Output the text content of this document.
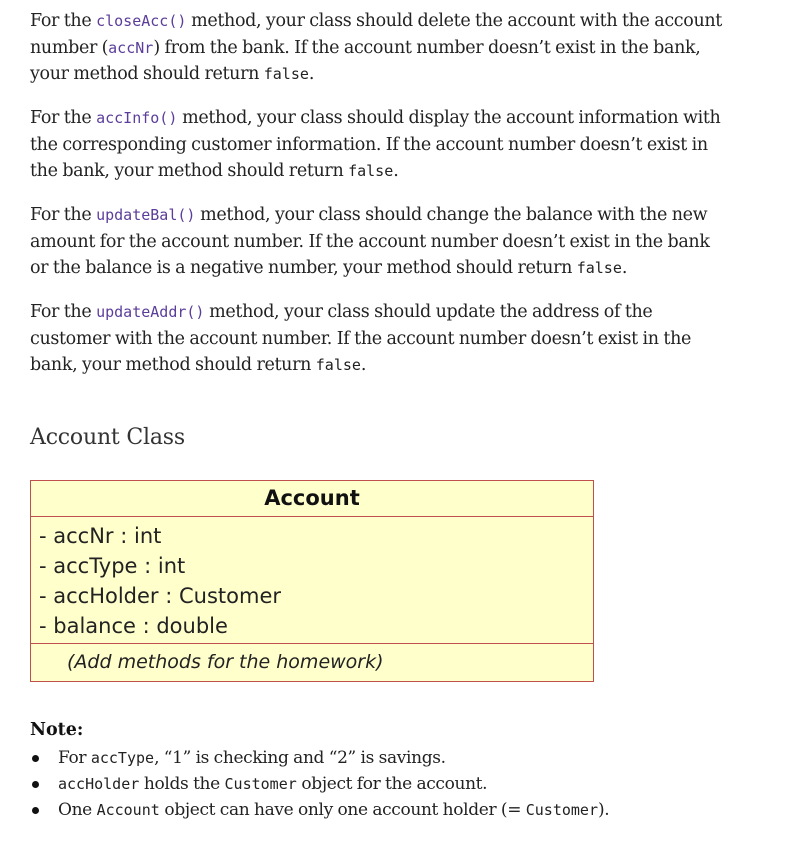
For the closeAcc() method, your class should delete the account with the account number (accNr) from the bank. If the account number doesn’t exist in the bank, your method should return false.

For the accInfo() method, your class should display the account information with the corresponding customer information. If the account number doesn’t exist in the bank, your method should return false.

For the updateBal() method, your class should change the balance with the new amount for the account number. If the account number doesn’t exist in the bank or the balance is a negative number, your method should return false.

For the updateAddr() method, your class should update the address of the customer with the account number. If the account number doesn’t exist in the bank, your method should return false.

Account Class
Account
- accNr : int
- accType : int
- accHolder : Customer
- balance : double
(Add methods for the homework)

Note:

For accType, “1” is checking and “2” is savings.
accHolder holds the Customer object for the account.
One Account object can have only one account holder (= Customer).
